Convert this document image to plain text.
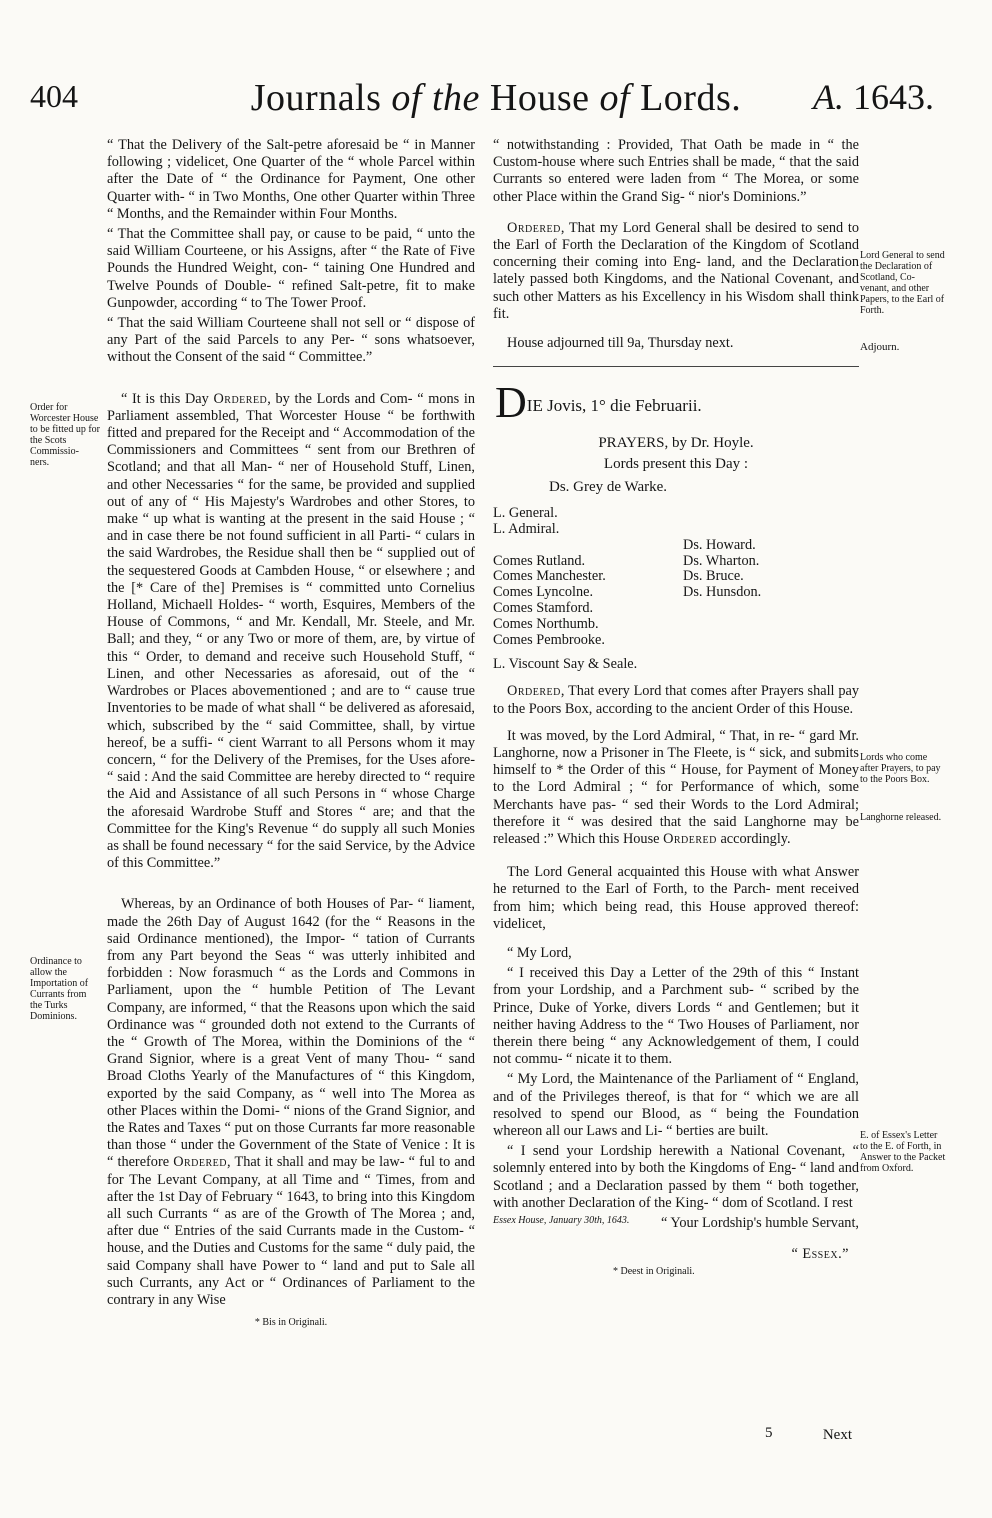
404	Journals of the House of Lords.	A. 1643.
Order for Worcester House to be fitted up for the Scots Commissio- ners.
Ordinance to allow the Importation of Currants from the Turks Dominions.
Lord General to send the Declaration of Scotland, Co- venant, and other Papers, to the Earl of Forth.
Adjourn.
Lords who come after Prayers, to pay to the Poors Box.
Langhorne released.
E. of Essex's Letter to the E. of Forth, in Answer to the Packet from Oxford.

“ That the Delivery of the Salt-petre aforesaid be “ in Manner following ; videlicet, One Quarter of the “ whole Parcel within after the Date of “ the Ordinance for Payment, One other Quarter with- “ in Two Months, One other Quarter within Three “ Months, and the Remainder within Four Months.

“ That the Committee shall pay, or cause to be paid, “ unto the said William Courteene, or his Assigns, after “ the Rate of Five Pounds the Hundred Weight, con- “ taining One Hundred and Twelve Pounds of Double- “ refined Salt-petre, fit to make Gunpowder, according “ to The Tower Proof.

“ That the said William Courteene shall not sell or “ dispose of any Part of the said Parcels to any Per- “ sons whatsoever, without the Consent of the said “ Committee.”

“ It is this Day Ordered, by the Lords and Com- “ mons in Parliament assembled, That Worcester House “ be forthwith fitted and prepared for the Receipt and “ Accommodation of the Commissioners and Committees “ sent from our Brethren of Scotland; and that all Man- “ ner of Household Stuff, Linen, and other Necessaries “ for the same, be provided and supplied out of any of “ His Majesty's Wardrobes and other Stores, to make “ up what is wanting at the present in the said House ; “ and in case there be not found sufficient in all Parti- “ culars in the said Wardrobes, the Residue shall then be “ supplied out of the sequestered Goods at Cambden House, “ or elsewhere ; and the [* Care of the] Premises is “ committed unto Cornelius Holland, Michaell Holdes- “ worth, Esquires, Members of the House of Commons, “ and Mr. Kendall, Mr. Steele, and Mr. Ball; and they, “ or any Two or more of them, are, by virtue of this “ Order, to demand and receive such Household Stuff, “ Linen, and other Necessaries as aforesaid, out of the “ Wardrobes or Places abovementioned ; and are to “ cause true Inventories to be made of what shall “ be delivered as aforesaid, which, subscribed by the “ said Committee, shall, by virtue hereof, be a suffi- “ cient Warrant to all Persons whom it may concern, “ for the Delivery of the Premises, for the Uses afore- “ said : And the said Committee are hereby directed to “ require the Aid and Assistance of all such Persons in “ whose Charge the aforesaid Wardrobe Stuff and Stores “ are; and that the Committee for the King's Revenue “ do supply all such Monies as shall be found necessary “ for the said Service, by the Advice of this Committee.”

Whereas, by an Ordinance of both Houses of Par- “ liament, made the 26th Day of August 1642 (for the “ Reasons in the said Ordinance mentioned), the Impor- “ tation of Currants from any Part beyond the Seas “ was utterly inhibited and forbidden : Now forasmuch “ as the Lords and Commons in Parliament, upon the “ humble Petition of The Levant Company, are informed, “ that the Reasons upon which the said Ordinance was “ grounded doth not extend to the Currants of the “ Growth of The Morea, within the Dominions of the “ Grand Signior, where is a great Vent of many Thou- “ sand Broad Cloths Yearly of the Manufactures of “ this Kingdom, exported by the said Company, as “ well into The Morea as other Places within the Domi- “ nions of the Grand Signior, and the Rates and Taxes “ put on those Currants far more reasonable than those “ under the Government of the State of Venice : It is “ therefore Ordered, That it shall and may be law- “ ful to and for The Levant Company, at all Time and “ Times, from and after the 1st Day of February “ 1643, to bring into this Kingdom all such Currants “ as are of the Growth of The Morea ; and, after due “ Entries of the said Currants made in the Custom- “ house, and the Duties and Customs for the same “ duly paid, the said Company shall have Power to “ land and put to Sale all such Currants, any Act or “ Ordinances of Parliament to the contrary in any Wise

* Bis in Originali.

“ notwithstanding : Provided, That Oath be made in “ the Custom-house where such Entries shall be made, “ that the said Currants so entered were laden from “ The Morea, or some other Place within the Grand Sig- “ nior's Dominions.”

Ordered, That my Lord General shall be desired to send to the Earl of Forth the Declaration of the Kingdom of Scotland concerning their coming into Eng- land, and the Declaration lately passed both Kingdoms, and the National Covenant, and such other Matters as his Excellency in his Wisdom shall think fit.

House adjourned till 9a, Thursday next.

DIE Jovis, 1° die Februarii.
PRAYERS, by Dr. Hoyle.
Lords present this Day :
Ds. Grey de Warke.
L. General.
L. Admiral.
Comes Rutland.
Comes Manchester.
Comes Lyncolne.
Comes Stamford.
Comes Northumb.
Comes Pembrooke.
Ds. Howard.
Ds. Wharton.
Ds. Bruce.
Ds. Hunsdon.
L. Viscount Say & Seale.

Ordered, That every Lord that comes after Prayers shall pay to the Poors Box, according to the ancient Order of this House.

It was moved, by the Lord Admiral, “ That, in re- “ gard Mr. Langhorne, now a Prisoner in The Fleete, is “ sick, and submits himself to * the Order of this “ House, for Payment of Money to the Lord Admiral ; “ for Performance of which, some Merchants have pas- “ sed their Words to the Lord Admiral; therefore it “ was desired that the said Langhorne may be released :” Which this House Ordered accordingly.

The Lord General acquainted this House with what Answer he returned to the Earl of Forth, to the Parch- ment received from him; which being read, this House approved thereof: videlicet,

“ My Lord,

“ I received this Day a Letter of the 29th of this “ Instant from your Lordship, and a Parchment sub- “ scribed by the Prince, Duke of Yorke, divers Lords “ and Gentlemen; but it neither having Address to the “ Two Houses of Parliament, nor therein there being “ any Acknowledgement of them, I could not commu- “ nicate it to them.

“ My Lord, the Maintenance of the Parliament of “ England, and of the Privileges thereof, is that for “ which we are all resolved to spend our Blood, as “ being the Foundation whereon all our Laws and Li- “ berties are built.

“ I send your Lordship herewith a National Covenant, “ solemnly entered into by both the Kingdoms of Eng- “ land and Scotland ; and a Declaration passed by them “ both together, with another Declaration of the King- “ dom of Scotland. I rest

Essex House, January 30th, 1643. “ Your Lordship's humble Servant,
“ Essex.”
* Deest in Originali.
5	Next
